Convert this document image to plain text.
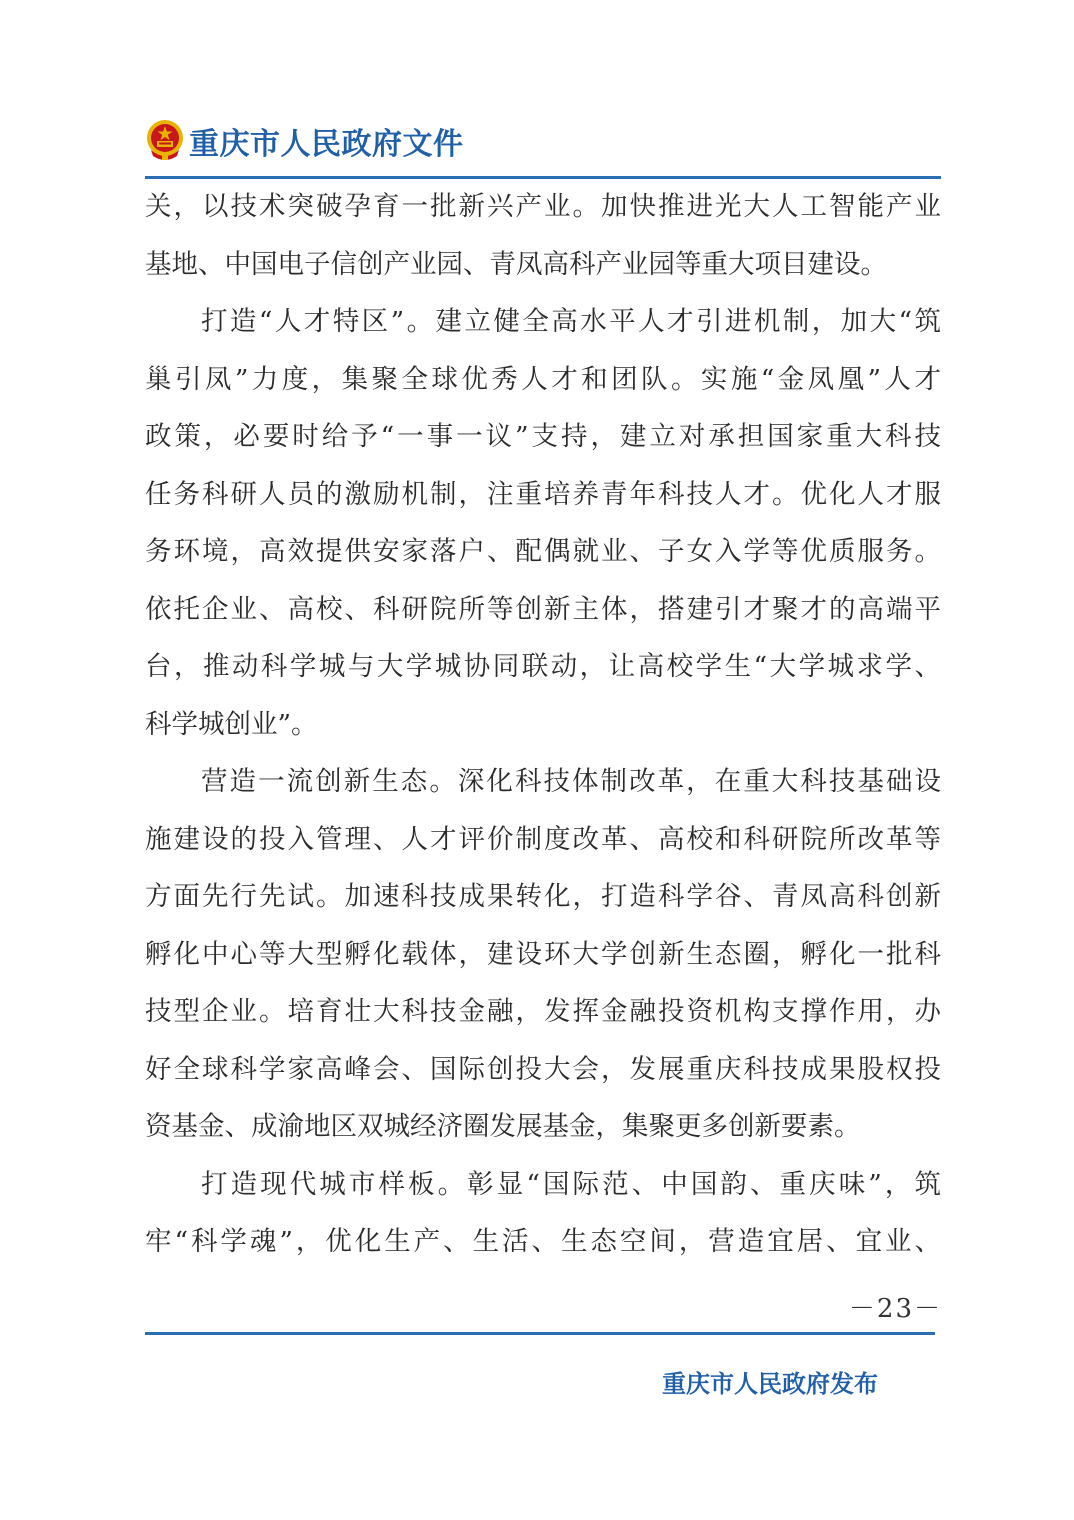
重庆市人民政府文件
关，以技术突破孕育一批新兴产业。加快推进光大人工智能产业
基地、中国电子信创产业园、青凤高科产业园等重大项目建设。
打造“人才特区”。建立健全高水平人才引进机制，加大“筑
巢引凤”力度，集聚全球优秀人才和团队。实施“金凤凰”人才
政策，必要时给予“一事一议”支持，建立对承担国家重大科技
任务科研人员的激励机制，注重培养青年科技人才。优化人才服
务环境，高效提供安家落户、配偶就业、子女入学等优质服务。
依托企业、高校、科研院所等创新主体，搭建引才聚才的高端平
台，推动科学城与大学城协同联动，让高校学生“大学城求学、
科学城创业”。
营造一流创新生态。深化科技体制改革，在重大科技基础设
施建设的投入管理、人才评价制度改革、高校和科研院所改革等
方面先行先试。加速科技成果转化，打造科学谷、青凤高科创新
孵化中心等大型孵化载体，建设环大学创新生态圈，孵化一批科
技型企业。培育壮大科技金融，发挥金融投资机构支撑作用，办
好全球科学家高峰会、国际创投大会，发展重庆科技成果股权投
资基金、成渝地区双城经济圈发展基金，集聚更多创新要素。
打造现代城市样板。彰显“国际范、中国韵、重庆味”，筑
牢“科学魂”，优化生产、生活、生态空间，营造宜居、宜业、
－23－
重庆市人民政府发布
